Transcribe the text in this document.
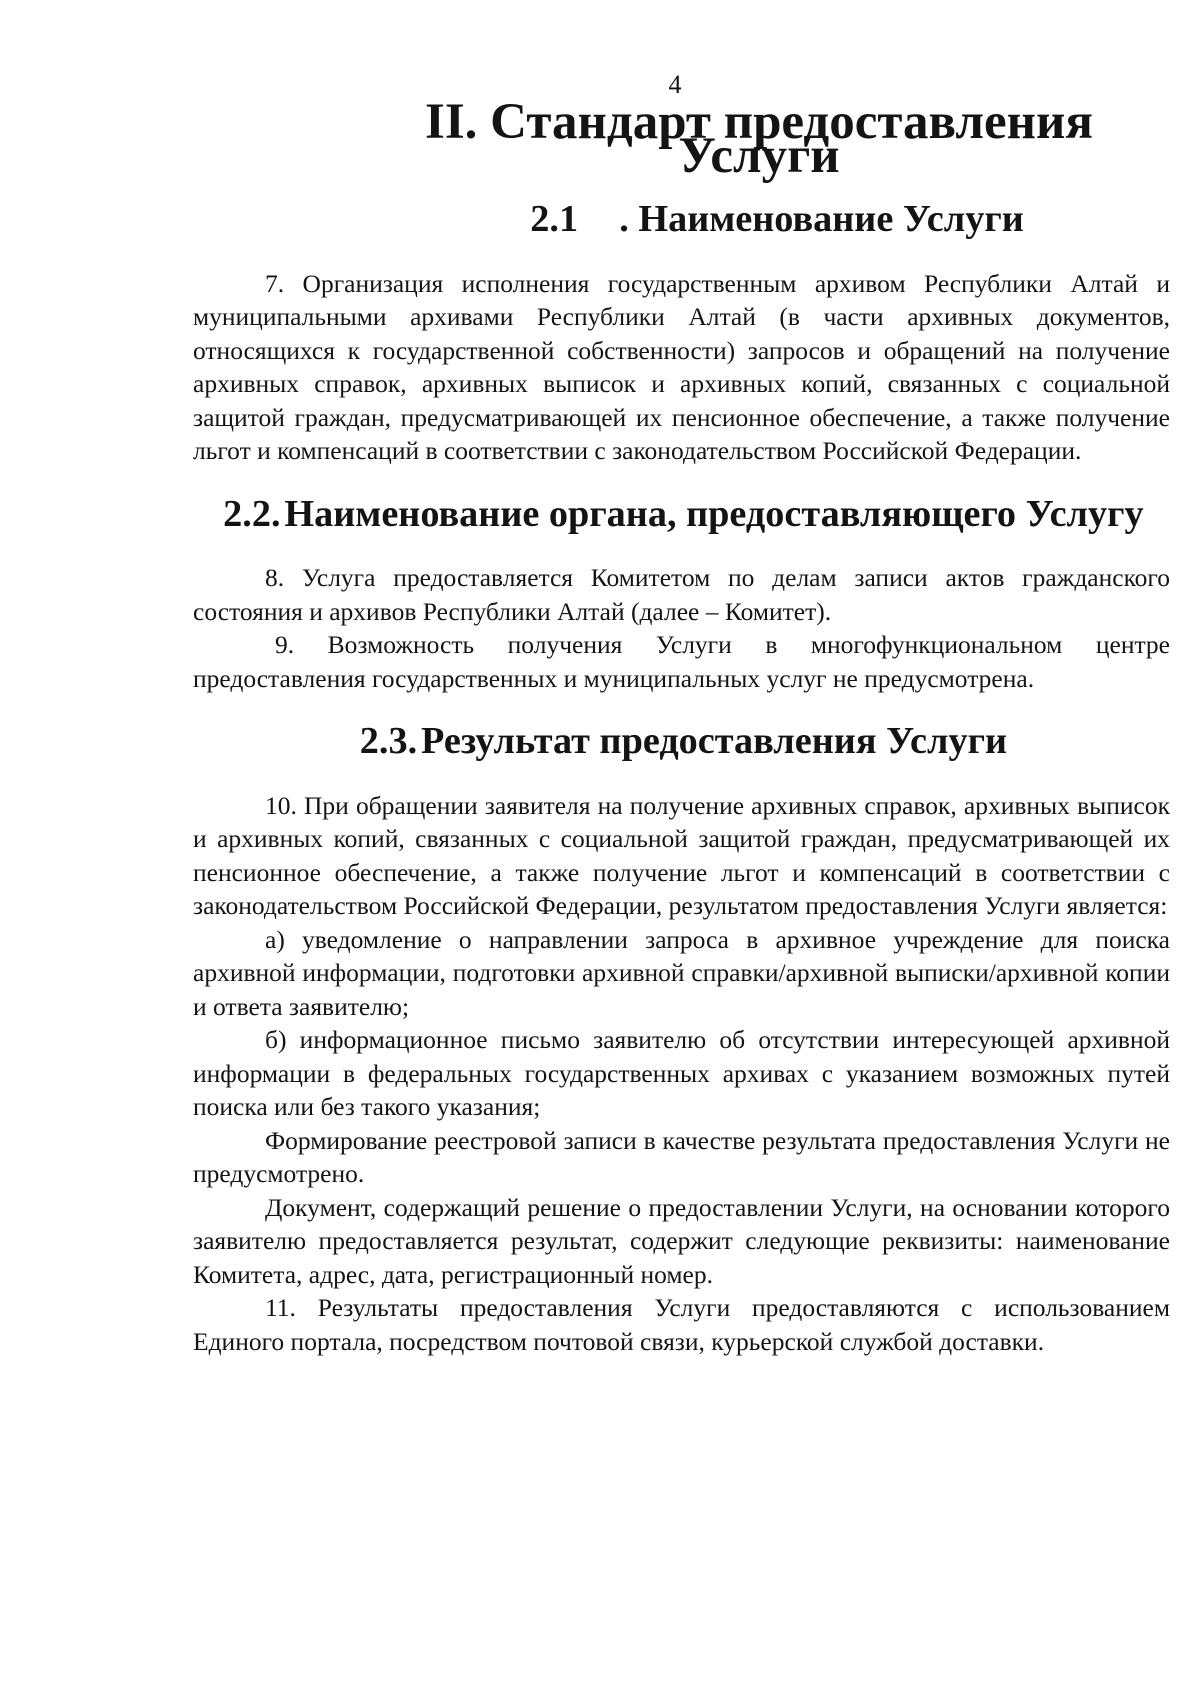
4
II. Стандарт предоставления Услуги
2.1 . Наименование Услуги

7. Организация исполнения государственным архивом Республики Алтай и муниципальными архивами Республики Алтай (в части архивных документов, относящихся к государственной собственности) запросов и обращений на получение архивных справок, архивных выписок и архивных копий, связанных с социальной защитой граждан, предусматривающей их пенсионное обеспечение, а также получение льгот и компенсаций в соответствии с законодательством Российской Федерации.

2.2.Наименование органа, предоставляющего Услугу

8. Услуга предоставляется Комитетом по делам записи актов гражданского состояния и архивов Республики Алтай (далее – Комитет).

9. Возможность получения Услуги в многофункциональном центре предоставления государственных и муниципальных услуг не предусмотрена.

2.3.Результат предоставления Услуги

10. При обращении заявителя на получение архивных справок, архивных выписок и архивных копий, связанных с социальной защитой граждан, предусматривающей их пенсионное обеспечение, а также получение льгот и компенсаций в соответствии с законодательством Российской Федерации, результатом предоставления Услуги является:

а) уведомление о направлении запроса в архивное учреждение для поиска архивной информации, подготовки архивной справки/архивной выписки/архивной копии и ответа заявителю;

б) информационное письмо заявителю об отсутствии интересующей архивной информации в федеральных государственных архивах с указанием возможных путей поиска или без такого указания;

Формирование реестровой записи в качестве результата предоставления Услуги не предусмотрено.

Документ, содержащий решение о предоставлении Услуги, на основании которого заявителю предоставляется результат, содержит следующие реквизиты: наименование Комитета, адрес, дата, регистрационный номер.

11. Результаты предоставления Услуги предоставляются с использованием Единого портала, посредством почтовой связи, курьерской службой доставки.
